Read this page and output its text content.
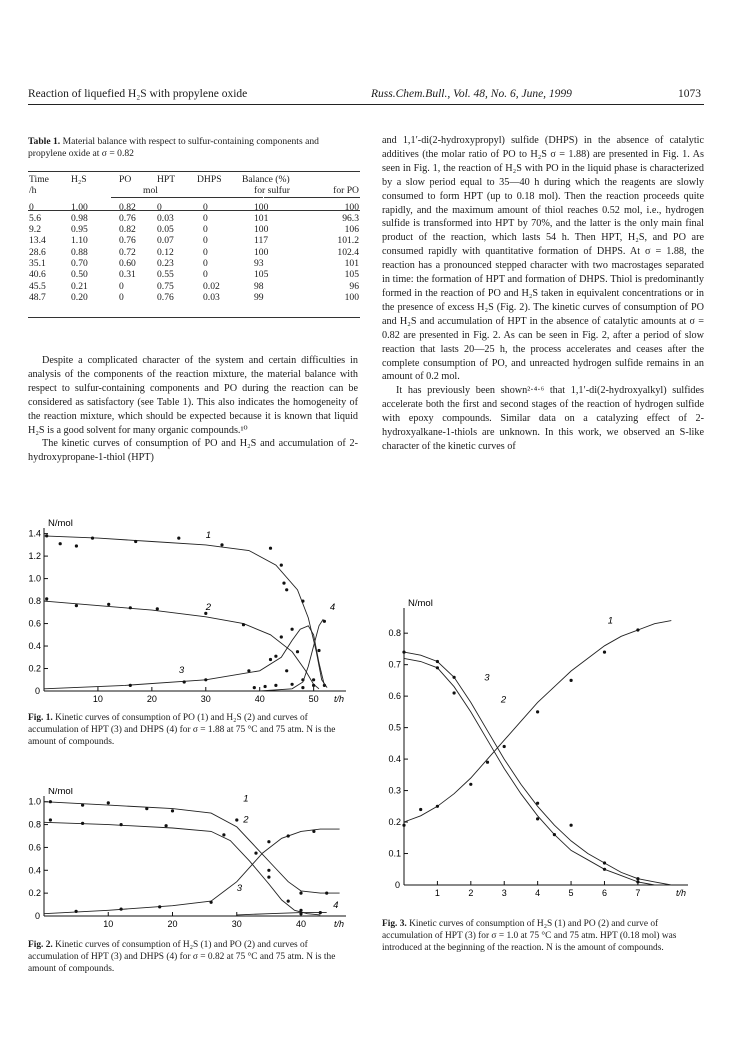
Reaction of liquefied H₂S with propylene oxide	Russ.Chem.Bull., Vol. 48, No. 6, June, 1999	1073
Table 1. Material balance with respect to sulfur-containing components and propylene oxide at σ = 0.82
Time	H₂S	PO	HPT	DHPS	Balance (%)	
/h	mol				for sulfur	for PO
0	1.00	0.82	0	0	100	100
5.6	0.98	0.76	0.03	0	101	96.3
9.2	0.95	0.82	0.05	0	100	106
13.4	1.10	0.76	0.07	0	117	101.2
28.6	0.88	0.72	0.12	0	100	102.4
35.1	0.70	0.60	0.23	0	93	101
40.6	0.50	0.31	0.55	0	105	105
45.5	0.21	0	0.75	0.02	98	96
48.7	0.20	0	0.76	0.03	99	100

Despite a complicated character of the system and certain difficulties in analysis of the components of the reaction mixture, the material balance with respect to sulfur-containing components and PO during the reaction can be considered as satisfactory (see Table 1). This also indicates the homogeneity of the reaction mixture, which should be expected because it is known that liquid H₂S is a good solvent for many organic compounds.¹⁰

The kinetic curves of consumption of PO and H₂S and accumulation of 2-hydroxypropane-1-thiol (HPT)

and 1,1′-di(2-hydroxypropyl) sulfide (DHPS) in the absence of catalytic additives (the molar ratio of PO to H₂S σ = 1.88) are presented in Fig. 1. As seen in Fig. 1, the reaction of H₂S with PO in the liquid phase is characterized by a slow period equal to 35—40 h during which the reagents are slowly consumed to form HPT (up to 0.18 mol). Then the reaction proceeds quite rapidly, and the maximum amount of thiol reaches 0.52 mol, i.e., hydrogen sulfide is transformed into HPT by 70%, and the latter is the only main final product of the reaction, which lasts 54 h. Then HPT, H₂S, and PO are consumed rapidly with quantitative formation of DHPS. At σ = 1.88, the reaction has a pronounced stepped character with two macrostages separated in time: the formation of HPT and formation of DHPS. Thiol is predominantly formed in the reaction of PO and H₂S taken in equivalent concentrations or in the presence of excess H₂S (Fig. 2). The kinetic curves of consumption of PO and H₂S and accumulation of HPT in the absence of catalytic amounts at σ = 0.82 are presented in Fig. 2. As can be seen in Fig. 2, after a period of slow reaction that lasts 20—25 h, the process accelerates and ceases after the complete consumption of PO, and unreacted hydrogen sulfide remains in an amount of 0.2 mol.

It has previously been shown²·⁴·⁶ that 1,1′-di(2-hydroxyalkyl) sulfides accelerate both the first and second stages of the reaction of hydrogen sulfide with epoxy compounds. Similar data on a catalyzing effect of 2-hydroxyalkane-1-thiols are unknown. In this work, we observed an S-like character of the kinetic curves of

0
0.2
0.4
0.6
0.8
1.0
1.2
1.4
10	20	30	40	50
N/mol
t/h
1
2
3
4
Fig. 1. Kinetic curves of consumption of PO (1) and H₂S (2) and curves of accumulation of HPT (3) and DHPS (4) for σ = 1.88 at 75 °C and 75 atm. N is the amount of compounds.
0
0.2
0.4
0.6
0.8
1.0
10	20	30	40
N/mol
t/h
1
2
3
4
Fig. 2. Kinetic curves of consumption of H₂S (1) and PO (2) and curves of accumulation of HPT (3) and DHPS (4) for σ = 0.82 at 75 °C and 75 atm. N is the amount of compounds.
0
0.1
0.2
0.3
0.4
0.5
0.6
0.7
0.8
1	2	3	4	5	6	7
N/mol
t/h
1
2
3
Fig. 3. Kinetic curves of consumption of H₂S (1) and PO (2) and curve of accumulation of HPT (3) for σ = 1.0 at 75 °C and 75 atm. HPT (0.18 mol) was introduced at the beginning of the reaction. N is the amount of compounds.
